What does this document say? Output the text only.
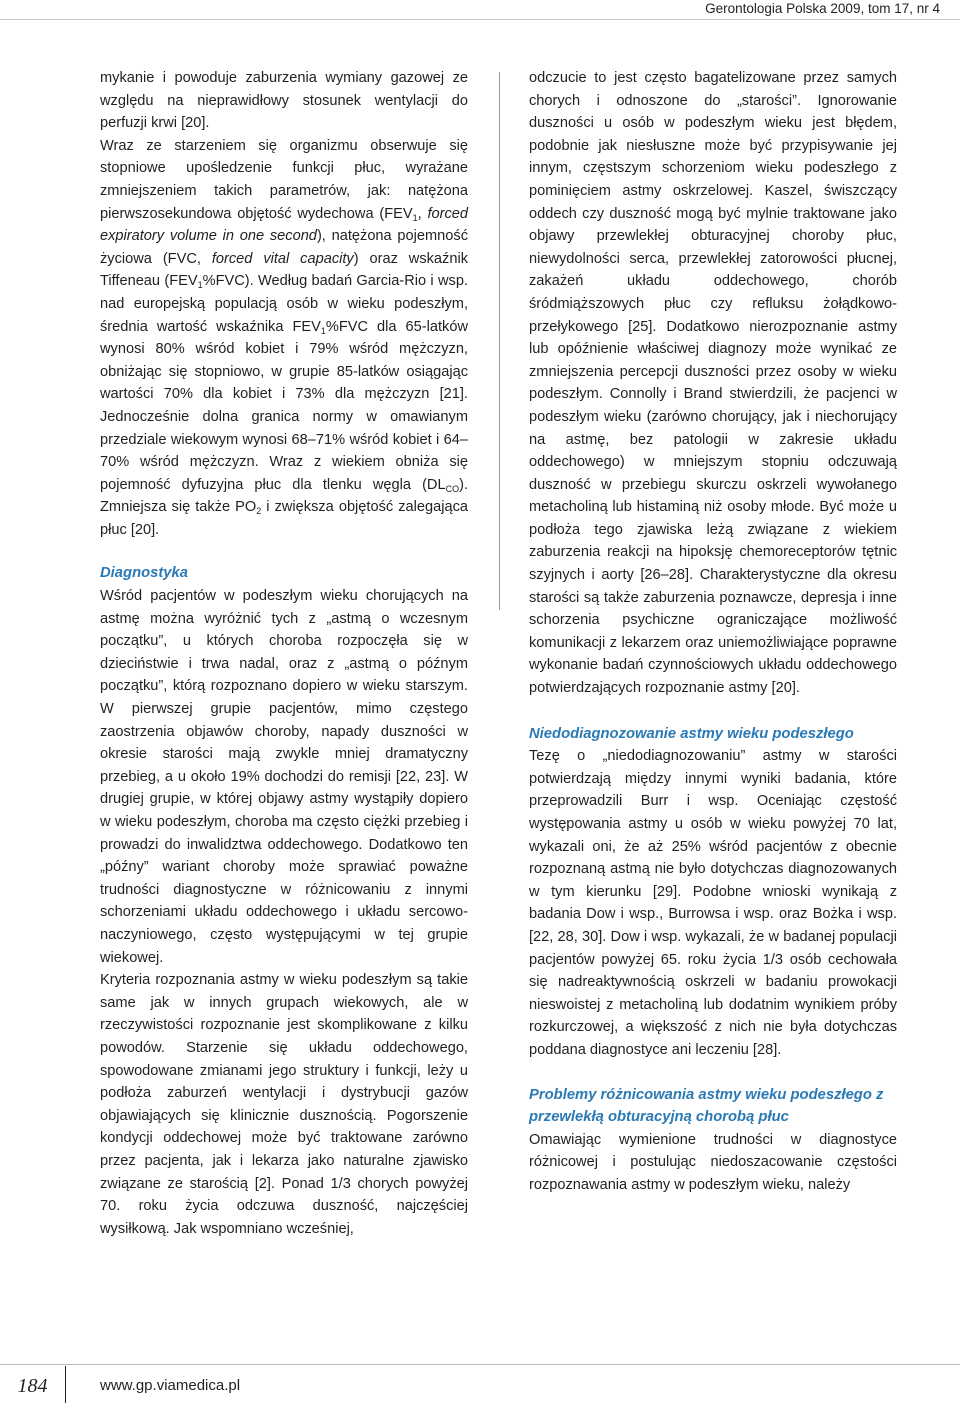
Gerontologia Polska 2009, tom 17, nr 4

mykanie i powoduje zaburzenia wymiany gazowej ze względu na nieprawidłowy stosunek wentylacji do perfuzji krwi [20].

Wraz ze starzeniem się organizmu obserwuje się stopniowe upośledzenie funkcji płuc, wyrażane zmniejszeniem takich parametrów, jak: natężona pierwszosekundowa objętość wydechowa ($FEV_1$, forced expiratory volume in one second), natężona pojemność życiowa (FVC, forced vital capacity) oraz wskaźnik Tiffeneau $(FEV_1\%FVC)$. Według badań Garcia-Rio i wsp. nad europejską populacją osób w wieku podeszłym, średnia wartość wskaźnika $FEV_1\%FVC$ dla 65-latków wynosi 80% wśród kobiet i 79% wśród mężczyzn, obniżając się stopniowo, w grupie 85-latków osiągając wartości 70% dla kobiet i 73% dla mężczyzn [21]. Jednocześnie dolna granica normy w omawianym przedziale wiekowym wynosi 68–71% wśród kobiet i 64–70% wśród mężczyzn. Wraz z wiekiem obniża się pojemność dyfuzyjna płuc dla tlenku węgla $(DL_{CO})$. Zmniejsza się także $PO_2$ i zwiększa objętość zalegająca płuc [20].

Diagnostyka

Wśród pacjentów w podeszłym wieku chorujących na astmę można wyróżnić tych z „astmą o wczesnym początku”, u których choroba rozpoczęła się w dzieciństwie i trwa nadal, oraz z „astmą o późnym początku”, którą rozpoznano dopiero w wieku starszym. W pierwszej grupie pacjentów, mimo częstego zaostrzenia objawów choroby, napady duszności w okresie starości mają zwykle mniej dramatyczny przebieg, a u około 19% dochodzi do remisji [22, 23]. W drugiej grupie, w której objawy astmy wystąpiły dopiero w wieku podeszłym, choroba ma często ciężki przebieg i prowadzi do inwalidztwa oddechowego. Dodatkowo ten „późny” wariant choroby może sprawiać poważne trudności diagnostyczne w różnicowaniu z innymi schorzeniami układu oddechowego i układu sercowo-naczyniowego, często występującymi w tej grupie wiekowej.

Kryteria rozpoznania astmy w wieku podeszłym są takie same jak w innych grupach wiekowych, ale w rzeczywistości rozpoznanie jest skomplikowane z kilku powodów. Starzenie się układu oddechowego, spowodowane zmianami jego struktury i funkcji, leży u podłoża zaburzeń wentylacji i dystrybucji gazów objawiających się klinicznie dusznością. Pogorszenie kondycji oddechowej może być traktowane zarówno przez pacjenta, jak i lekarza jako naturalne zjawisko związane ze starością [2]. Ponad 1/3 chorych powyżej 70. roku życia odczuwa duszność, najczęściej wysiłkową. Jak wspomniano wcześniej,

odczucie to jest często bagatelizowane przez samych chorych i odnoszone do „starości”. Ignorowanie duszności u osób w podeszłym wieku jest błędem, podobnie jak niesłuszne może być przypisywanie jej innym, częstszym schorzeniom wieku podeszłego z pominięciem astmy oskrzelowej. Kaszel, świszczący oddech czy duszność mogą być mylnie traktowane jako objawy przewlekłej obturacyjnej choroby płuc, niewydolności serca, przewlekłej zatorowości płucnej, zakażeń układu oddechowego, chorób śródmiąższowych płuc czy refluksu żołądkowo-przełykowego [25]. Dodatkowo nierozpoznanie astmy lub opóźnienie właściwej diagnozy może wynikać ze zmniejszenia percepcji duszności przez osoby w wieku podeszłym. Connolly i Brand stwierdzili, że pacjenci w podeszłym wieku (zarówno chorujący, jak i niechorujący na astmę, bez patologii w zakresie układu oddechowego) w mniejszym stopniu odczuwają duszność w przebiegu skurczu oskrzeli wywołanego metacholiną lub histaminą niż osoby młode. Być może u podłoża tego zjawiska leżą związane z wiekiem zaburzenia reakcji na hipoksję chemoreceptorów tętnic szyjnych i aorty [26–28]. Charakterystyczne dla okresu starości są także zaburzenia poznawcze, depresja i inne schorzenia psychiczne ograniczające możliwość komunikacji z lekarzem oraz uniemożliwiające poprawne wykonanie badań czynnościowych układu oddechowego potwierdzających rozpoznanie astmy [20].

Niedodiagnozowanie astmy wieku podeszłego

Tezę o „niedodiagnozowaniu” astmy w starości potwierdzają między innymi wyniki badania, które przeprowadzili Burr i wsp. Oceniając częstość występowania astmy u osób w wieku powyżej 70 lat, wykazali oni, że aż 25% wśród pacjentów z obecnie rozpoznaną astmą nie było dotychczas diagnozowanych w tym kierunku [29]. Podobne wnioski wynikają z badania Dow i wsp., Burrowsa i wsp. oraz Bożka i wsp. [22, 28, 30]. Dow i wsp. wykazali, że w badanej populacji pacjentów powyżej 65. roku życia 1/3 osób cechowała się nadreaktywnością oskrzeli w badaniu prowokacji nieswoistej z metacholiną lub dodatnim wynikiem próby rozkurczowej, a większość z nich nie była dotychczas poddana diagnostyce ani leczeniu [28].

Problemy różnicowania astmy wieku podeszłego z przewlekłą obturacyjną chorobą płuc

Omawiając wymienione trudności w diagnostyce różnicowej i postulując niedoszacowanie częstości rozpoznawania astmy w podeszłym wieku, należy

184	www.gp.viamedica.pl
